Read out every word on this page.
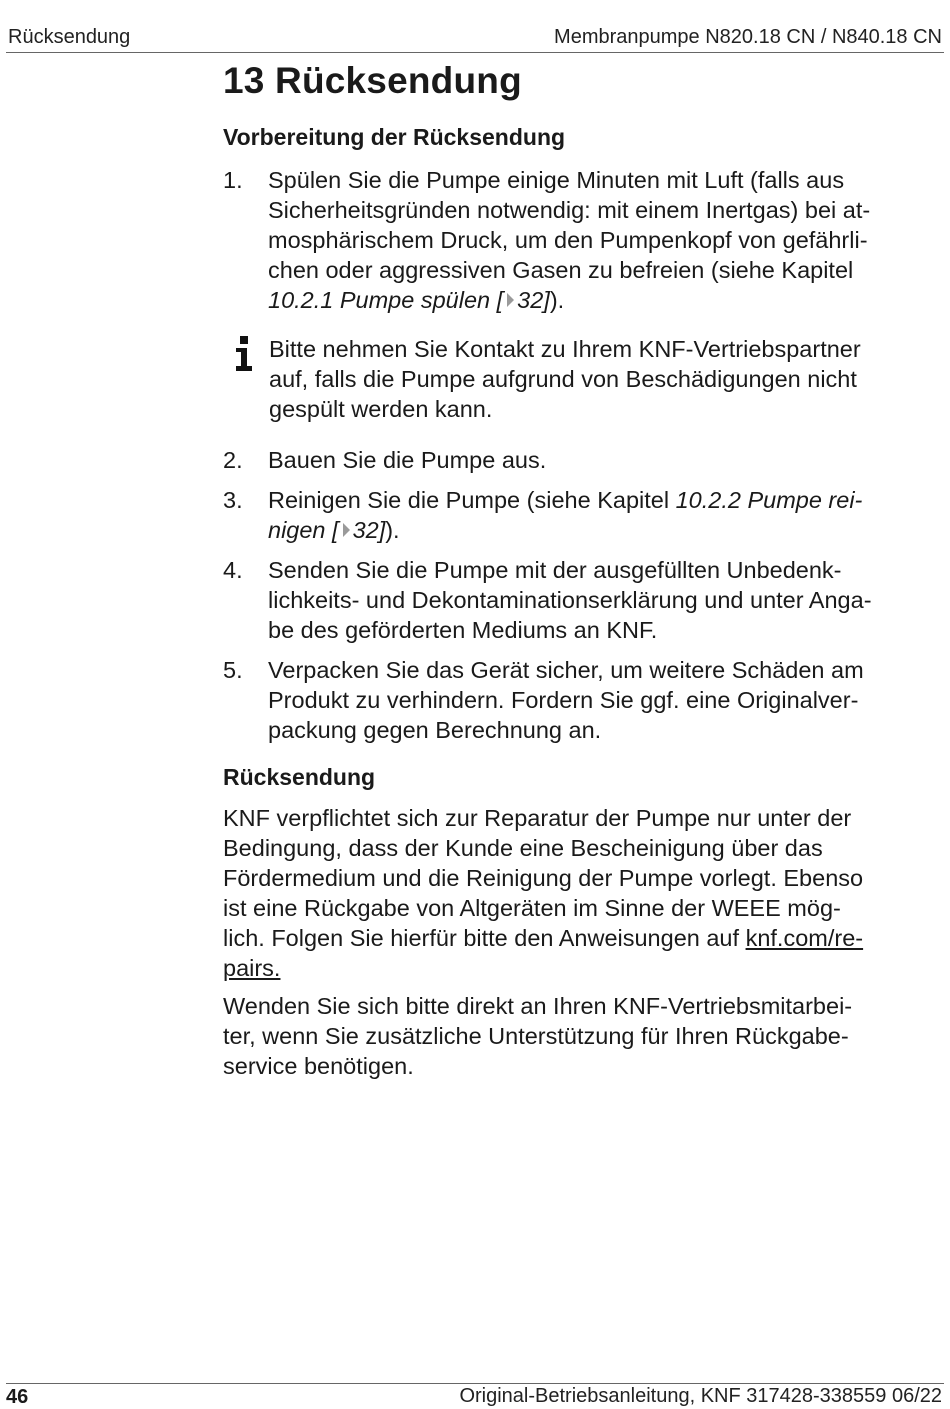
Rücksendung	Membranpumpe N820.18 CN / N840.18 CN
13 Rücksendung
Vorbereitung der Rücksendung
1. Spülen Sie die Pumpe einige Minuten mit Luft (falls aus
Sicherheitsgründen notwendig: mit einem Inertgas) bei at-
mosphärischem Druck, um den Pumpenkopf von gefährli-
chen oder aggressiven Gasen zu befreien (siehe Kapitel
10.2.1 Pumpe spülen [ 32]).
Bitte nehmen Sie Kontakt zu Ihrem KNF-Vertriebspartner
auf, falls die Pumpe aufgrund von Beschädigungen nicht
gespült werden kann.
2. Bauen Sie die Pumpe aus.
3. Reinigen Sie die Pumpe (siehe Kapitel 10.2.2 Pumpe rei-
nigen [ 32]).
4. Senden Sie die Pumpe mit der ausgefüllten Unbedenk-
lichkeits- und Dekontaminationserklärung und unter Anga-
be des geförderten Mediums an KNF.
5. Verpacken Sie das Gerät sicher, um weitere Schäden am
Produkt zu verhindern. Fordern Sie ggf. eine Originalver-
packung gegen Berechnung an.
Rücksendung
KNF verpflichtet sich zur Reparatur der Pumpe nur unter der
Bedingung, dass der Kunde eine Bescheinigung über das
Fördermedium und die Reinigung der Pumpe vorlegt. Ebenso
ist eine Rückgabe von Altgeräten im Sinne der WEEE mög-
lich. Folgen Sie hierfür bitte den Anweisungen auf knf.com/re-
pairs.
Wenden Sie sich bitte direkt an Ihren KNF-Vertriebsmitarbei-
ter, wenn Sie zusätzliche Unterstützung für Ihren Rückgabe-
service benötigen.
46	Original-Betriebsanleitung, KNF 317428-338559 06/22
